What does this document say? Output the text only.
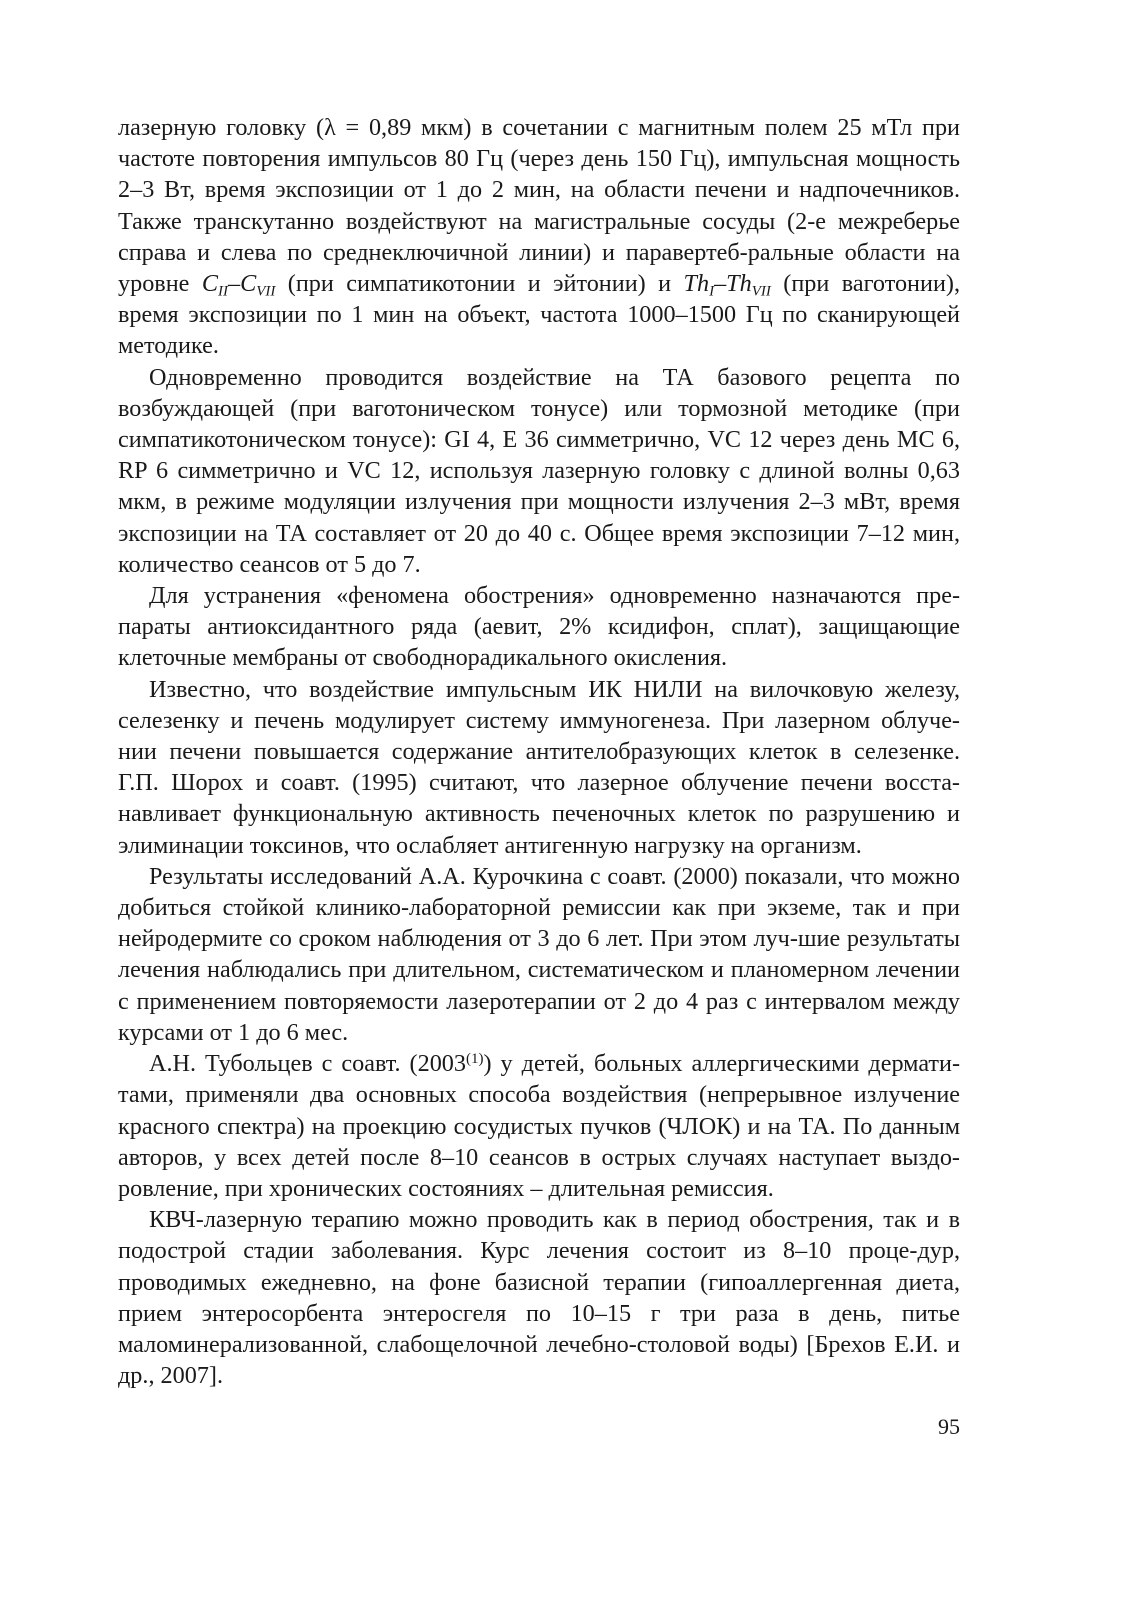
лазерную головку (λ = 0,89 мкм) в сочетании с магнитным полем 25 мТл при частоте повторения импульсов 80 Гц (через день 150 Гц), импульсная мощность 2–3 Вт, время экспозиции от 1 до 2 мин, на области печени и надпочечников. Также транскутанно воздействуют на магистральные сосуды (2-е межреберье справа и слева по среднеключичной линии) и паравертеб-ральные области на уровне $C_{II}-C_{VII}$ (при симпатикотонии и эйтонии) и $Th_I-Th_{VII}$ (при ваготонии), время экспозиции по 1 мин на объект, частота 1000–1500 Гц по сканирующей методике.

Одновременно проводится воздействие на ТА базового рецепта по возбуждающей (при ваготоническом тонусе) или тормозной методике (при симпатикотоническом тонусе): GI 4, E 36 симметрично, VC 12 через день MC 6, RP 6 симметрично и VC 12, используя лазерную головку с длиной волны 0,63 мкм, в режиме модуляции излучения при мощности излучения 2–3 мВт, время экспозиции на ТА составляет от 20 до 40 с. Общее время экспозиции 7–12 мин, количество сеансов от 5 до 7.

Для устранения «феномена обострения» одновременно назначаются пре-параты антиоксидантного ряда (аевит, 2% ксидифон, сплат), защищающие клеточные мембраны от свободнорадикального окисления.

Известно, что воздействие импульсным ИК НИЛИ на вилочковую железу, селезенку и печень модулирует систему иммуногенеза. При лазерном облуче-нии печени повышается содержание антителобразующих клеток в селезенке. Г.П. Шорох и соавт. (1995) считают, что лазерное облучение печени восста-навливает функциональную активность печеночных клеток по разрушению и элиминации токсинов, что ослабляет антигенную нагрузку на организм.

Результаты исследований А.А. Курочкина с соавт. (2000) показали, что можно добиться стойкой клинико-лабораторной ремиссии как при экземе, так и при нейродермите со сроком наблюдения от 3 до 6 лет. При этом луч-шие результаты лечения наблюдались при длительном, систематическом и планомерном лечении с применением повторяемости лазеротерапии от 2 до 4 раз с интервалом между курсами от 1 до 6 мес.

А.Н. Тубольцев с соавт. (2003$^{(1)}$) у детей, больных аллергическими дермати-тами, применяли два основных способа воздействия (непрерывное излучение красного спектра) на проекцию сосудистых пучков (ЧЛОК) и на ТА. По данным авторов, у всех детей после 8–10 сеансов в острых случаях наступает выздо-ровление, при хронических состояниях – длительная ремиссия.

КВЧ-лазерную терапию можно проводить как в период обострения, так и в подострой стадии заболевания. Курс лечения состоит из 8–10 проце-дур, проводимых ежедневно, на фоне базисной терапии (гипоаллергенная диета, прием энтеросорбента энтеросгеля по 10–15 г три раза в день, питье маломинерализованной, слабощелочной лечебно-столовой воды) [Брехов Е.И. и др., 2007].

95
